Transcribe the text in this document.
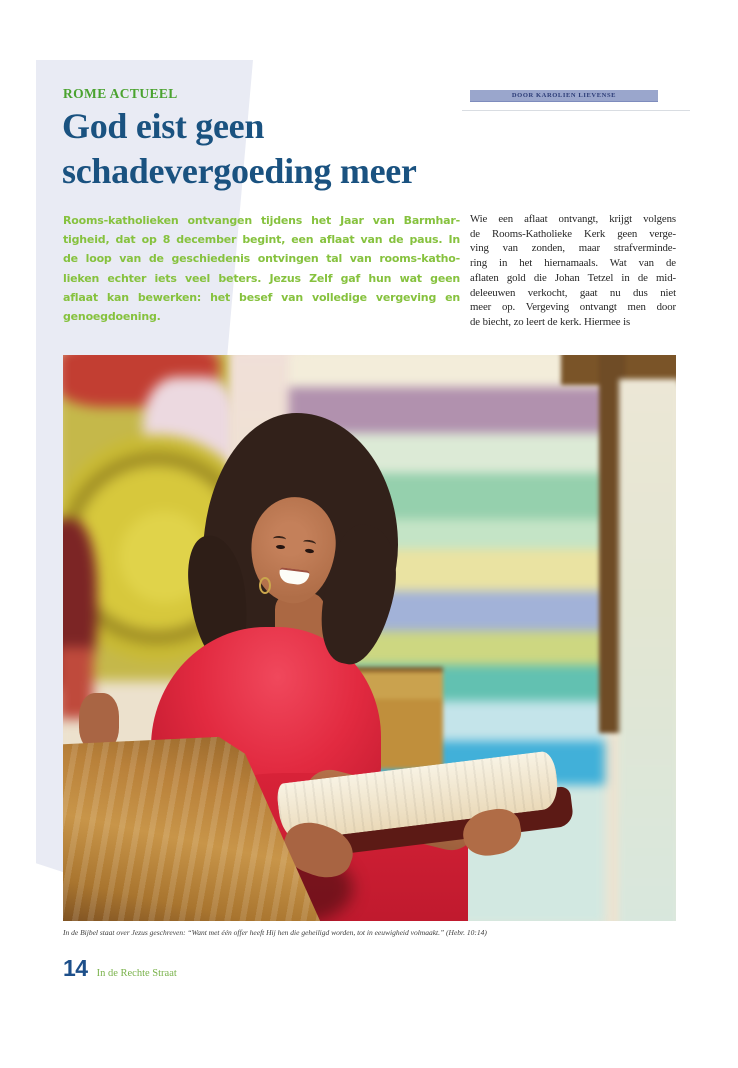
ROME ACTUEEL	DOOR KAROLIEN LIEVENSE
God eist geen
schadevergoeding meer
Rooms-katholieken ontvangen tijdens het Jaar van Barmhar-
tigheid, dat op 8 december begint, een aflaat van de paus. In
de loop van de geschiedenis ontvingen tal van rooms-katho-
lieken echter iets veel beters. Jezus Zelf gaf hun wat geen
aflaat kan bewerken: het besef van volledige vergeving en
genoegdoening.
Wie een aflaat ontvangt, krijgt volgens
de Rooms-Katholieke Kerk geen verge-
ving van zonden, maar strafverminde-
ring in het hiernamaals. Wat van de
aflaten gold die Johan Tetzel in de mid-
deleeuwen verkocht, gaat nu dus niet
meer op. Vergeving ontvangt men door
de biecht, zo leert de kerk. Hiermee is
In de Bijbel staat over Jezus geschreven: “Want met één offer heeft Hij hen die geheiligd worden, tot in eeuwigheid volmaakt.” (Hebr. 10:14)
14 In de Rechte Straat
